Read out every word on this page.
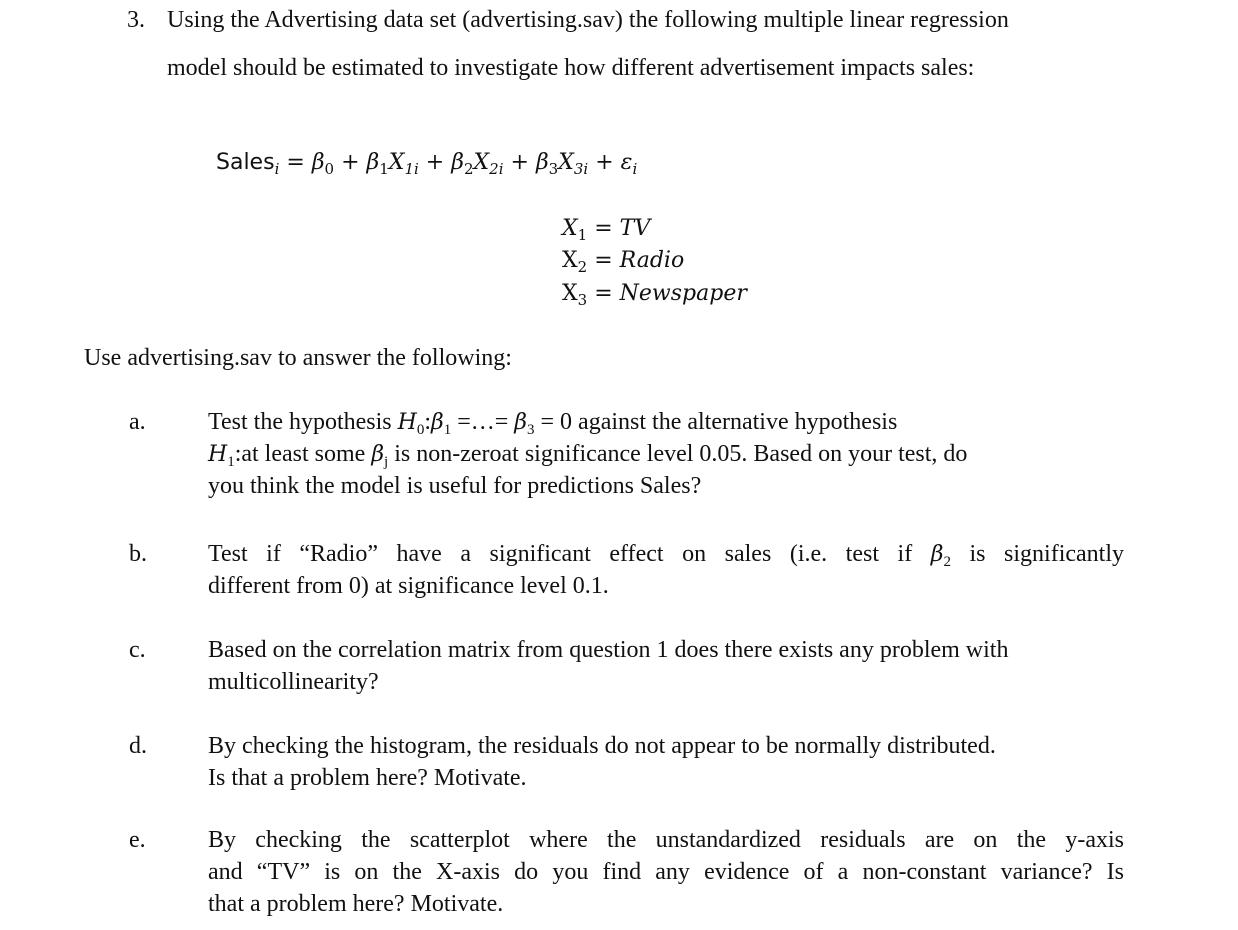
3. Using the Advertising data set (advertising.sav) the following multiple linear regression
model should be estimated to investigate how different advertisement impacts sales:
Sales$_i$ = $\beta_0 + \beta_1X_{1i} + \beta_2X_{2i} + \beta_3X_{3i} + \varepsilon_i$
$X_1$ = TV
$X_2$ = Radio
$X_3$ = Newspaper
Use advertising.sav to answer the following:
a.	Test the hypothesis $H_0:\beta_1$ =…= $\beta_3 = 0$ against the alternative hypothesis
$H_1:at$ least some $\beta_j$ is non-zeroat significance level 0.05. Based on your test, do
you think the model is useful for predictions Sales?
b.	Test if “Radio” have a significant effect on sales (i.e. test if $\beta_2$ is significantly
different from 0) at significance level 0.1.
c.	Based on the correlation matrix from question 1 does there exists any problem with
multicollinearity?
d.	By checking the histogram, the residuals do not appear to be normally distributed.
Is that a problem here? Motivate.
e.	By checking the scatterplot where the unstandardized residuals are on the y-axis
and “TV” is on the X-axis do you find any evidence of a non-constant variance? Is
that a problem here? Motivate.
